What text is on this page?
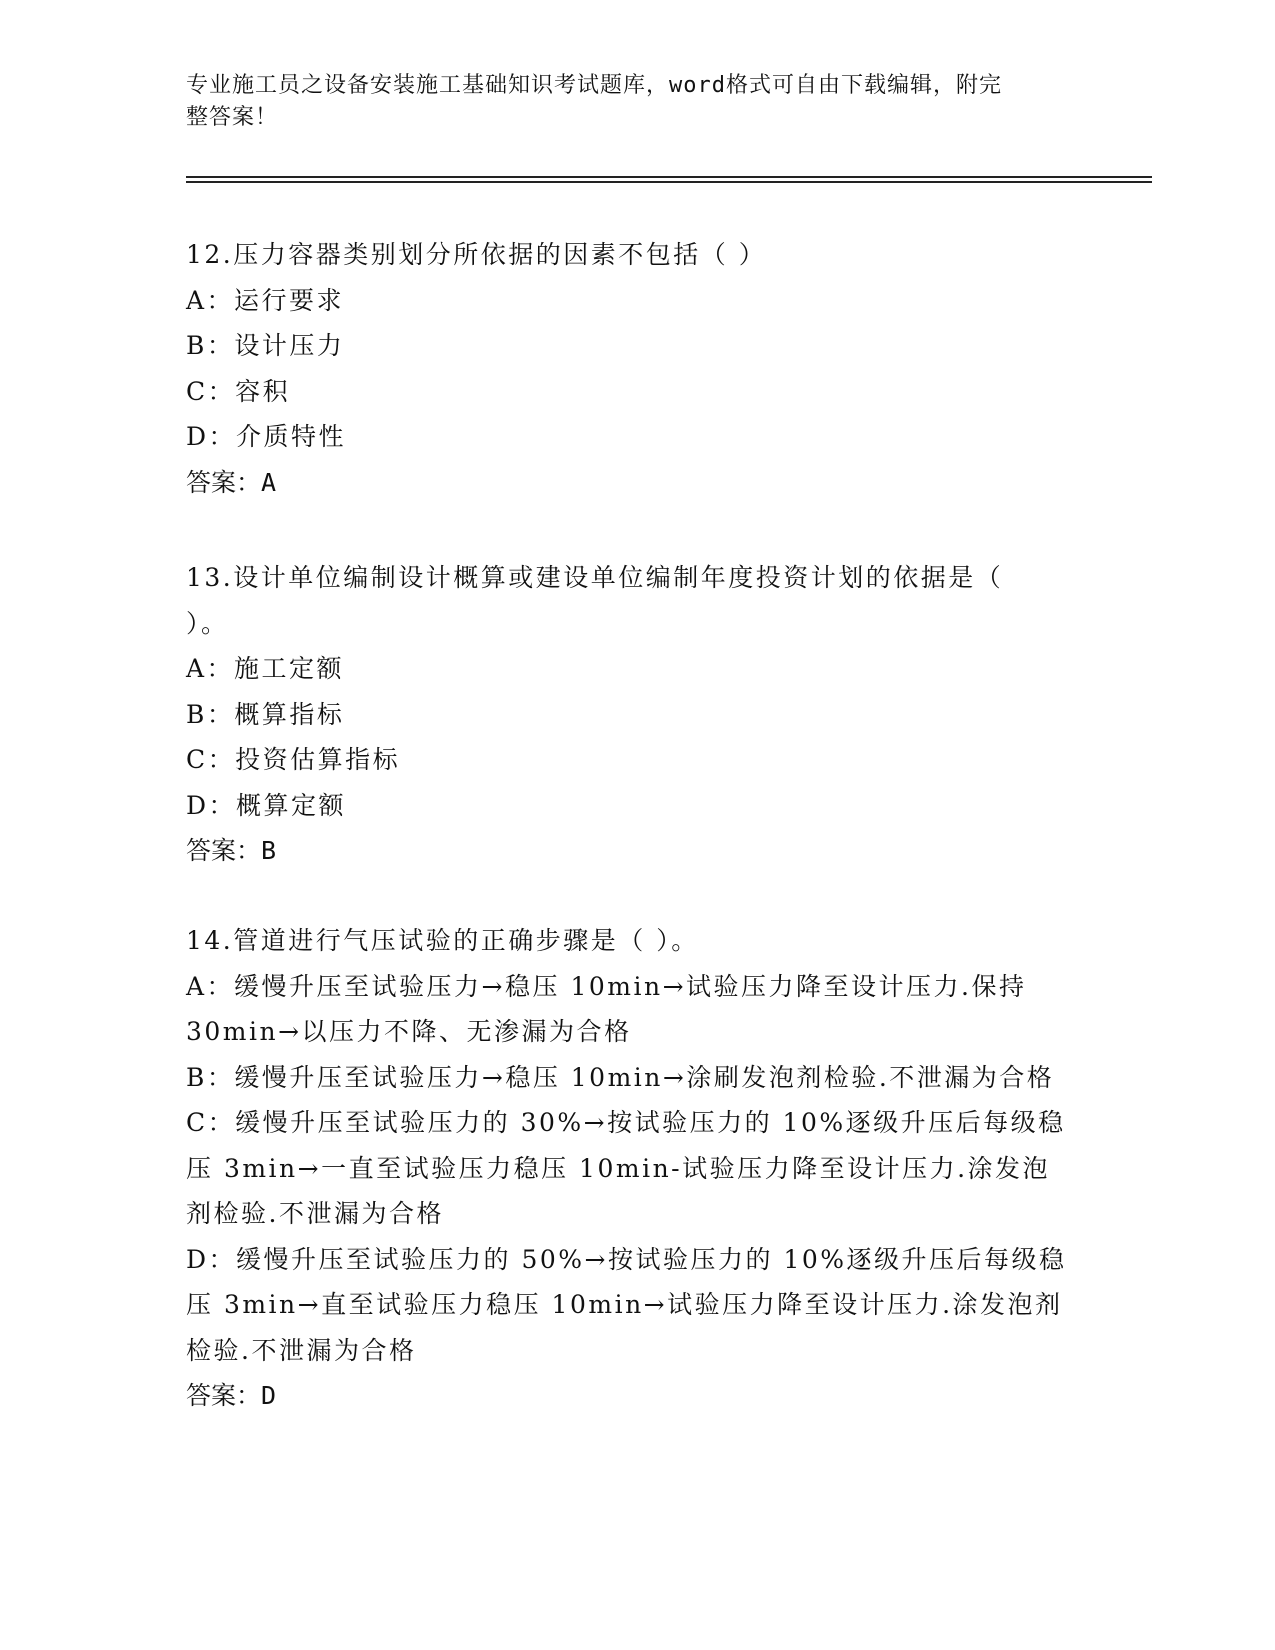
专业施工员之设备安装施工基础知识考试题库，word格式可自由下载编辑，附完
整答案！
12.压力容器类别划分所依据的因素不包括（ ）
A：运行要求
B：设计压力
C：容积
D：介质特性
答案：A
13.设计单位编制设计概算或建设单位编制年度投资计划的依据是（
）。
A：施工定额
B：概算指标
C：投资估算指标
D：概算定额
答案：B
14.管道进行气压试验的正确步骤是（ ）。
A：缓慢升压至试验压力→稳压 10min→试验压力降至设计压力.保持
30min→以压力不降、无渗漏为合格
B：缓慢升压至试验压力→稳压 10min→涂刷发泡剂检验.不泄漏为合格
C：缓慢升压至试验压力的 30%→按试验压力的 10%逐级升压后每级稳
压 3min→一直至试验压力稳压 10min-试验压力降至设计压力.涂发泡
剂检验.不泄漏为合格
D：缓慢升压至试验压力的 50%→按试验压力的 10%逐级升压后每级稳
压 3min→直至试验压力稳压 10min→试验压力降至设计压力.涂发泡剂
检验.不泄漏为合格
答案：D
